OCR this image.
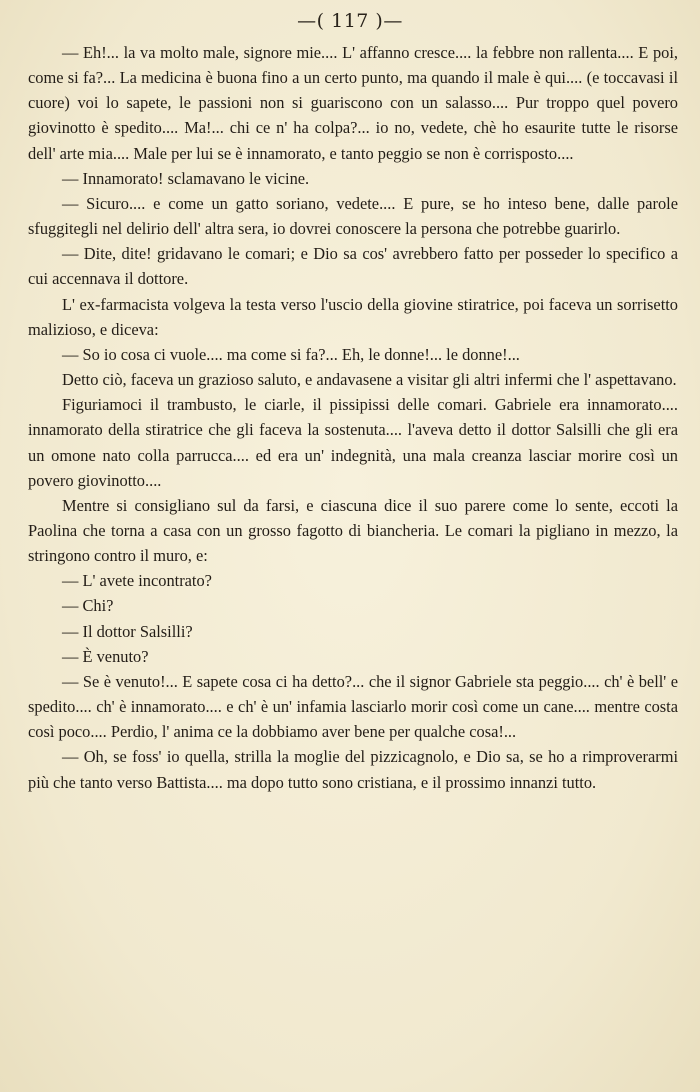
—( 117 )—

— Eh!... la va molto male, signore mie.... L' affanno cresce.... la febbre non rallenta.... E poi, come si fa?... La medicina è buona fino a un certo punto, ma quando il male è qui.... (e toccavasi il cuore) voi lo sapete, le passioni non si guariscono con un salasso.... Pur troppo quel povero giovinotto è spedito.... Ma!... chi ce n' ha colpa?... io no, vedete, chè ho esaurite tutte le risorse dell' arte mia.... Male per lui se è innamorato, e tanto peggio se non è corrisposto....

— Innamorato! sclamavano le vicine.

— Sicuro.... e come un gatto soriano, vedete.... E pure, se ho inteso bene, dalle parole sfuggitegli nel delirio dell' altra sera, io dovrei conoscere la persona che potrebbe guarirlo.

— Dite, dite! gridavano le comari; e Dio sa cos' avrebbero fatto per posseder lo specifico a cui accennava il dottore.

L' ex-farmacista volgeva la testa verso l'uscio della giovine stiratrice, poi faceva un sorrisetto malizioso, e diceva:

— So io cosa ci vuole.... ma come si fa?... Eh, le donne!... le donne!...

Detto ciò, faceva un grazioso saluto, e andavasene a visitar gli altri infermi che l' aspettavano.

Figuriamoci il trambusto, le ciarle, il pissipissi delle comari. Gabriele era innamorato.... innamorato della stiratrice che gli faceva la sostenuta.... l'aveva detto il dottor Salsilli che gli era un omone nato colla parrucca.... ed era un' indegnità, una mala creanza lasciar morire così un povero giovinotto....

Mentre si consigliano sul da farsi, e ciascuna dice il suo parere come lo sente, eccoti la Paolina che torna a casa con un grosso fagotto di biancheria. Le comari la pigliano in mezzo, la stringono contro il muro, e:

— L' avete incontrato?

— Chi?

— Il dottor Salsilli?

— È venuto?

— Se è venuto!... E sapete cosa ci ha detto?... che il signor Gabriele sta peggio.... ch' è bell' e spedito.... ch' è innamorato.... e ch' è un' infamia lasciarlo morir così come un cane.... mentre costa così poco.... Perdio, l' anima ce la dobbiamo aver bene per qualche cosa!...

— Oh, se foss' io quella, strilla la moglie del pizzicagnolo, e Dio sa, se ho a rimproverarmi più che tanto verso Battista.... ma dopo tutto sono cristiana, e il prossimo innanzi tutto.
